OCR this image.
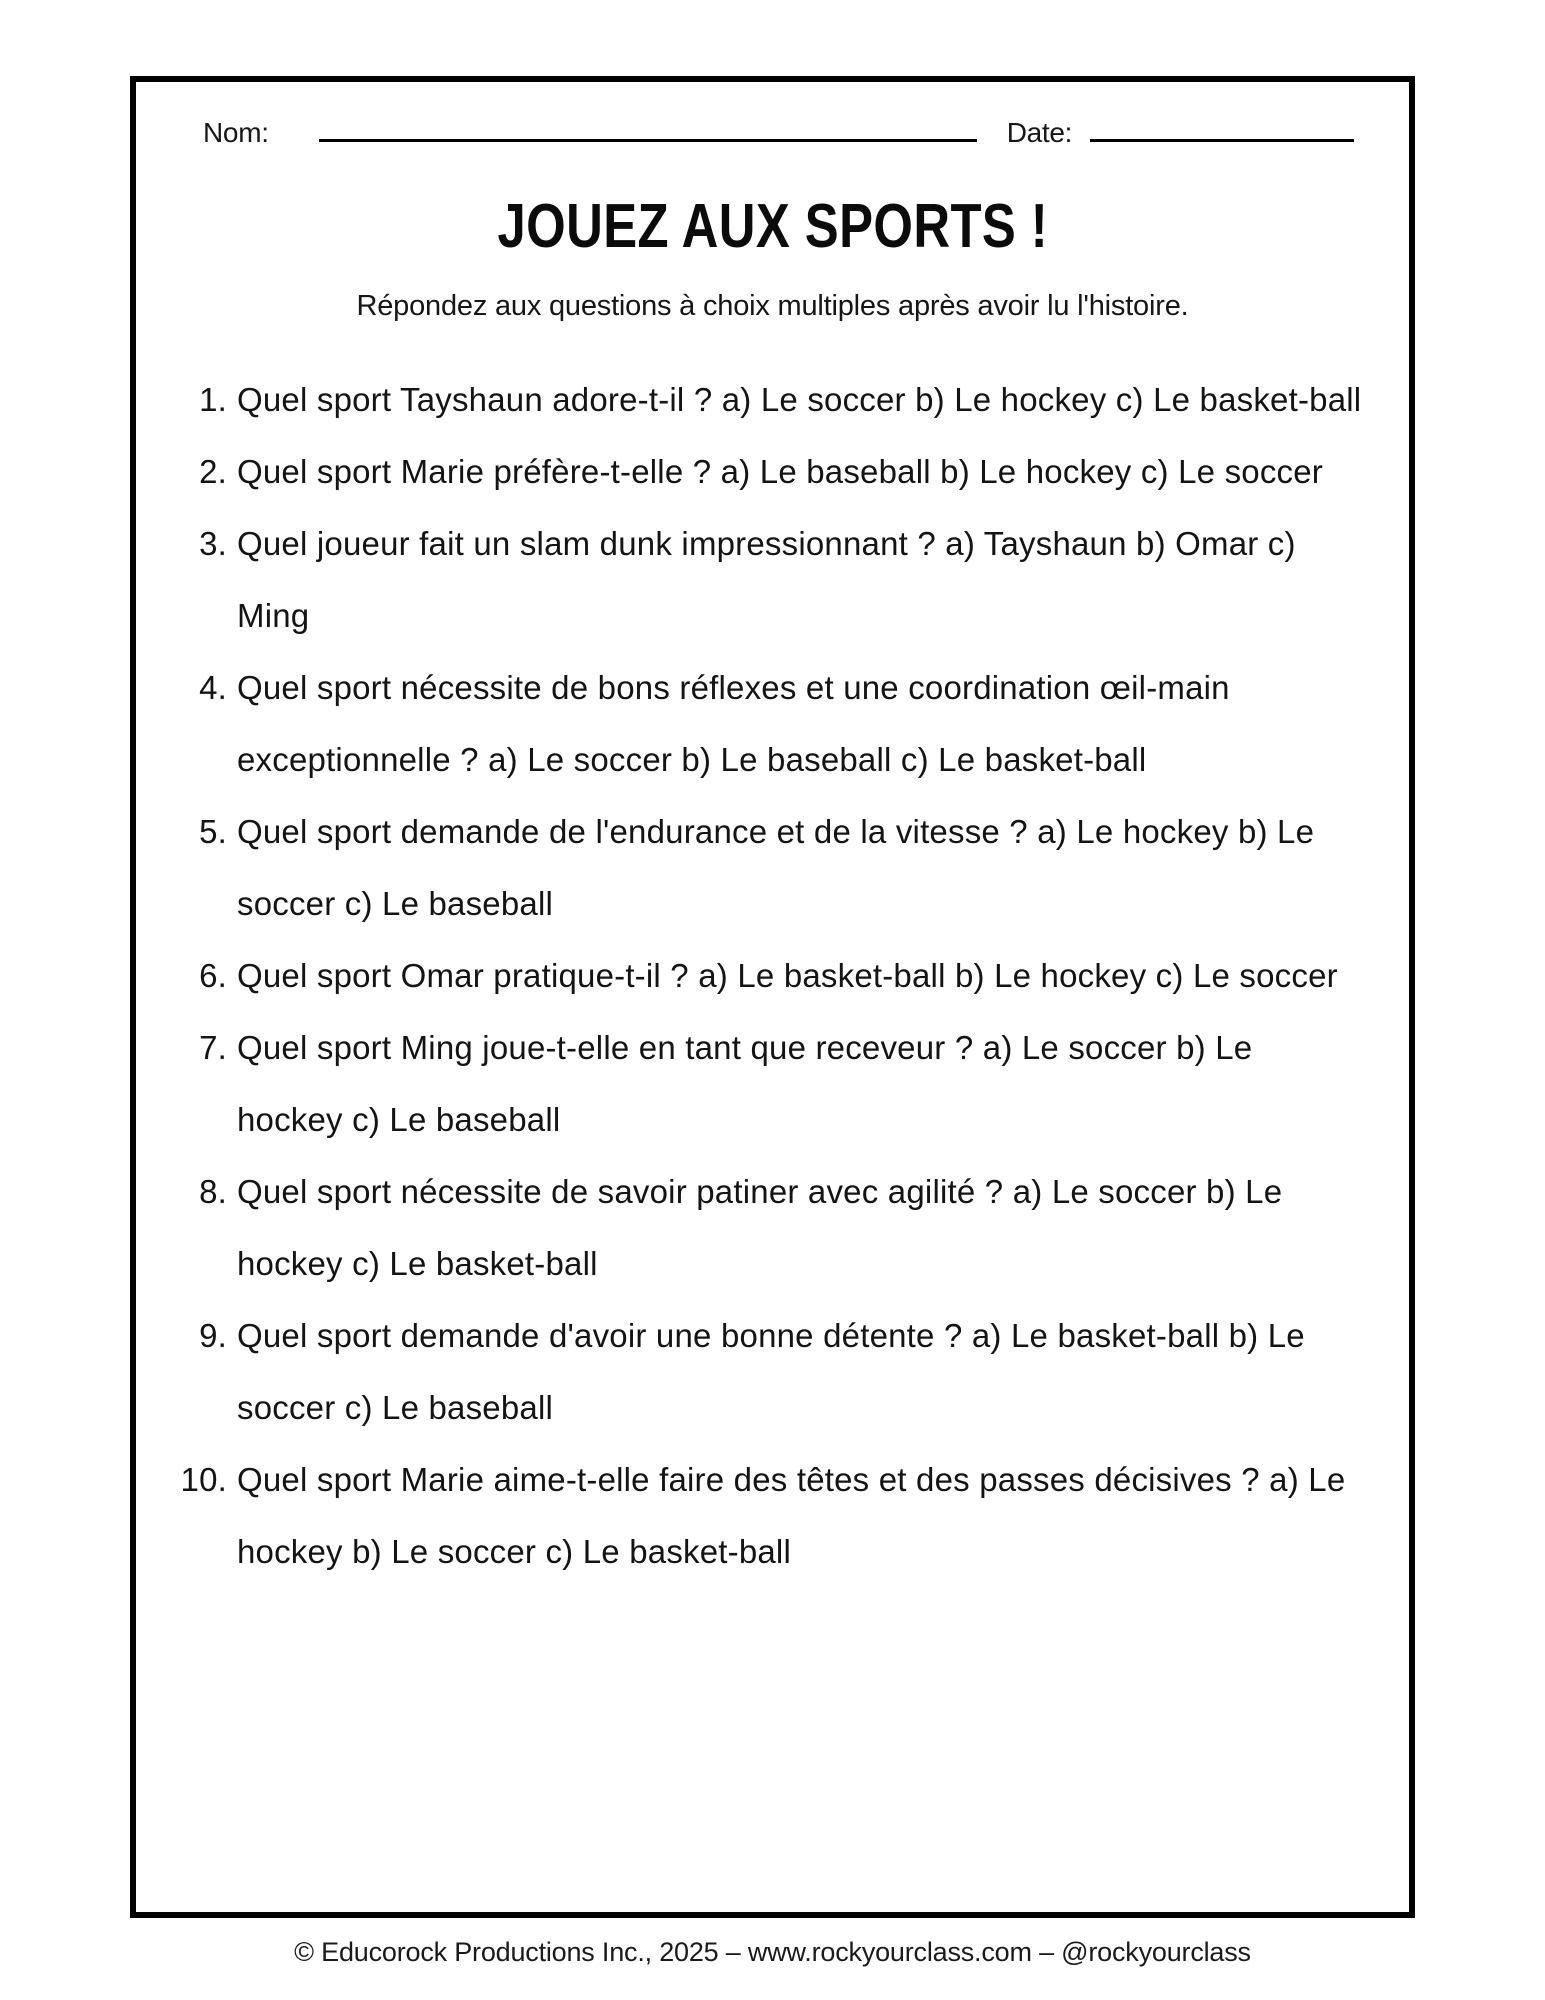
Nom:	Date:
JOUEZ AUX SPORTS !

Répondez aux questions à choix multiples après avoir lu l'histoire.

Quel sport Tayshaun adore-t-il ? a) Le soccer b) Le hockey c) Le basket-ball
Quel sport Marie préfère-t-elle ? a) Le baseball b) Le hockey c) Le soccer
Quel joueur fait un slam dunk impressionnant ? a) Tayshaun b) Omar c) Ming
Quel sport nécessite de bons réflexes et une coordination œil-main exceptionnelle ? a) Le soccer b) Le baseball c) Le basket-ball
Quel sport demande de l'endurance et de la vitesse ? a) Le hockey b) Le soccer c) Le baseball
Quel sport Omar pratique-t-il ? a) Le basket-ball b) Le hockey c) Le soccer
Quel sport Ming joue-t-elle en tant que receveur ? a) Le soccer b) Le hockey c) Le baseball
Quel sport nécessite de savoir patiner avec agilité ? a) Le soccer b) Le hockey c) Le basket-ball
Quel sport demande d'avoir une bonne détente ? a) Le basket-ball b) Le soccer c) Le baseball
Quel sport Marie aime-t-elle faire des têtes et des passes décisives ? a) Le hockey b) Le soccer c) Le basket-ball
© Educorock Productions Inc., 2025 – www.rockyourclass.com – @rockyourclass
